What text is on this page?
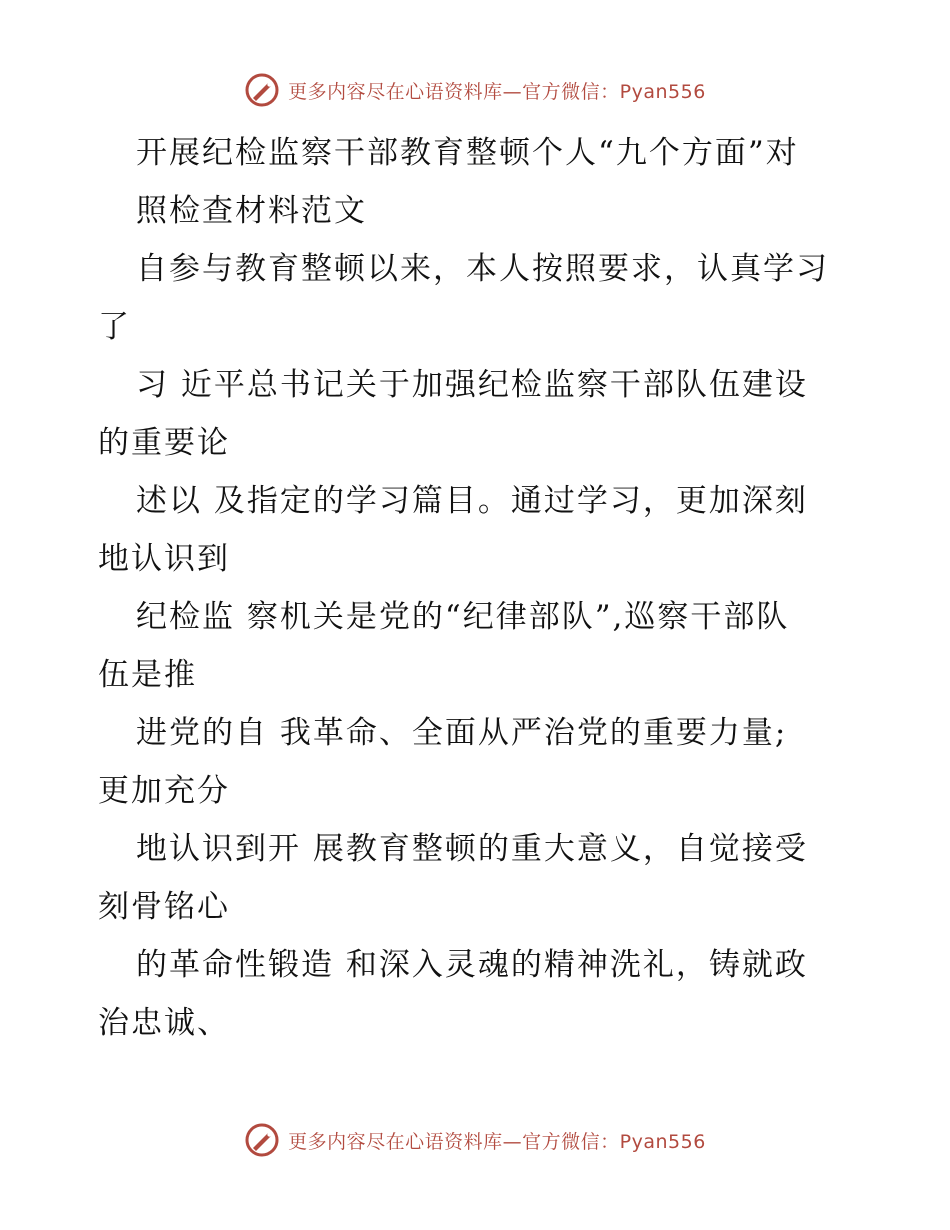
更多内容尽在心语资料库—官方微信：Pyan556
开展纪检监察干部教育整顿个人“九个方面”对
照检查材料范文
自参与教育整顿以来，本人按照要求，认真学习
了
习 近平总书记关于加强纪检监察干部队伍建设
的重要论
述以 及指定的学习篇目。通过学习，更加深刻
地认识到
纪检监 察机关是党的“纪律部队”,巡察干部队
伍是推
进党的自 我革命、全面从严治党的重要力量;
更加充分
地认识到开 展教育整顿的重大意义，自觉接受
刻骨铭心
的革命性锻造 和深入灵魂的精神洗礼，铸就政
治忠诚、
更多内容尽在心语资料库—官方微信：Pyan556
